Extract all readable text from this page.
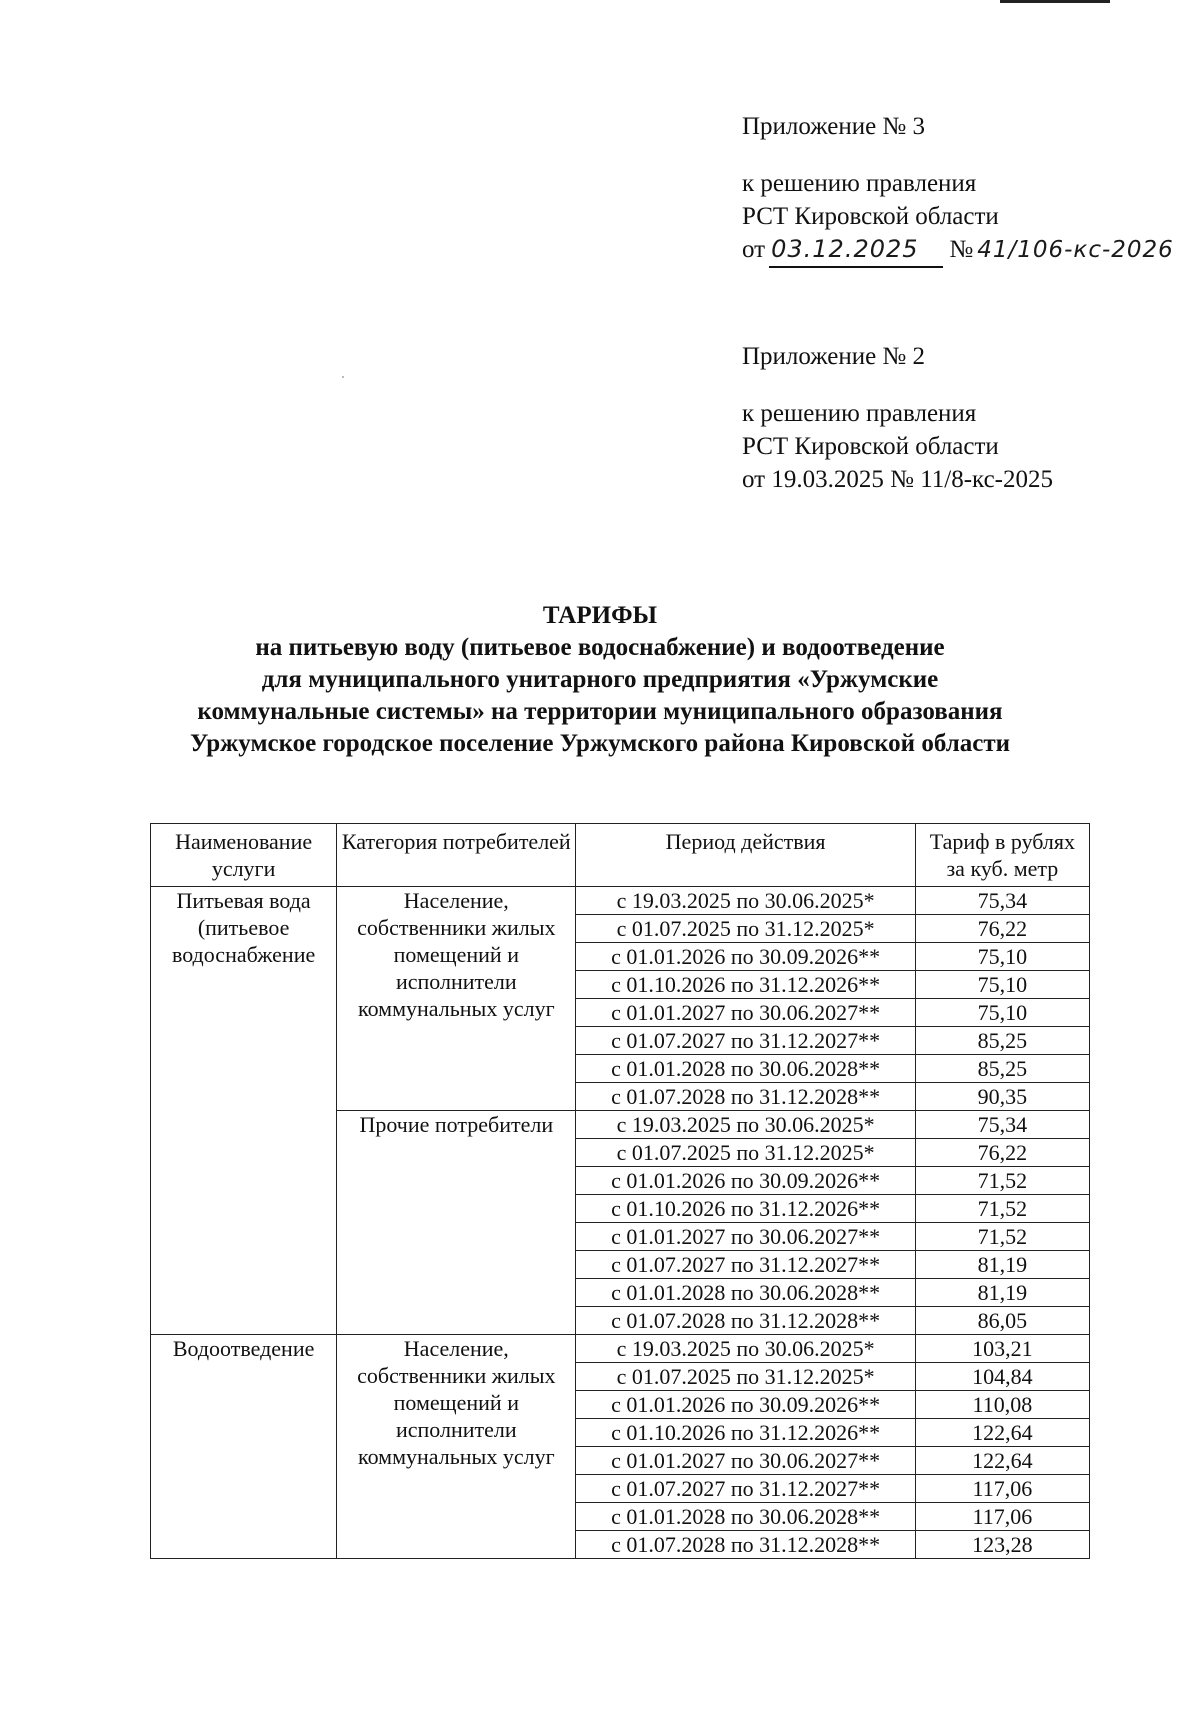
Приложение № 3
к решению правления
РСТ Кировской области
от 03.12.2025 № 41/106-кс-2026
Приложение № 2
к решению правления
РСТ Кировской области
от 19.03.2025 № 11/8-кс-2025
ТАРИФЫ
на питьевую воду (питьевое водоснабжение) и водоотведение
для муниципального унитарного предприятия «Уржумские
коммунальные системы» на территории муниципального образования
Уржумское городское поселение Уржумского района Кировской области
Наименование услуги	Категория потребителей	Период действия	Тариф в рублях за куб. метр
Питьевая вода (питьевое водоснабжение	Население, собственники жилых помещений и исполнители коммунальных услуг	с 19.03.2025 по 30.06.2025*	75,34
		с 01.07.2025 по 31.12.2025*	76,22
		с 01.01.2026 по 30.09.2026**	75,10
		с 01.10.2026 по 31.12.2026**	75,10
		с 01.01.2027 по 30.06.2027**	75,10
		с 01.07.2027 по 31.12.2027**	85,25
		с 01.01.2028 по 30.06.2028**	85,25
		с 01.07.2028 по 31.12.2028**	90,35
	Прочие потребители	с 19.03.2025 по 30.06.2025*	75,34
		с 01.07.2025 по 31.12.2025*	76,22
		с 01.01.2026 по 30.09.2026**	71,52
		с 01.10.2026 по 31.12.2026**	71,52
		с 01.01.2027 по 30.06.2027**	71,52
		с 01.07.2027 по 31.12.2027**	81,19
		с 01.01.2028 по 30.06.2028**	81,19
		с 01.07.2028 по 31.12.2028**	86,05
Водоотведение	Население, собственники жилых помещений и исполнители коммунальных услуг	с 19.03.2025 по 30.06.2025*	103,21
		с 01.07.2025 по 31.12.2025*	104,84
		с 01.01.2026 по 30.09.2026**	110,08
		с 01.10.2026 по 31.12.2026**	122,64
		с 01.01.2027 по 30.06.2027**	122,64
		с 01.07.2027 по 31.12.2027**	117,06
		с 01.01.2028 по 30.06.2028**	117,06
		с 01.07.2028 по 31.12.2028**	123,28
